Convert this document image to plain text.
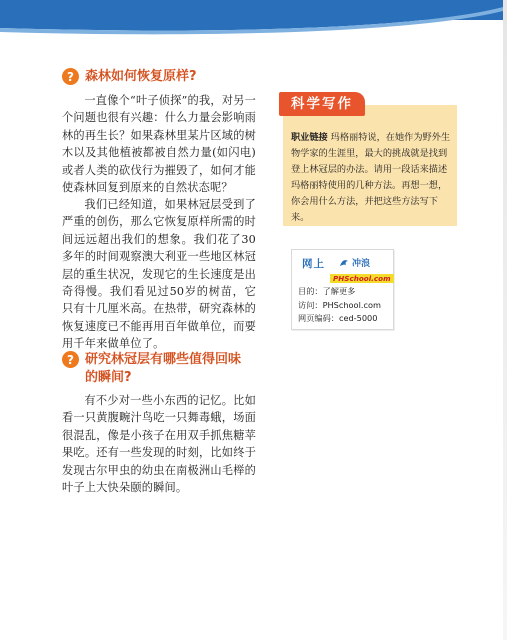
? 森林如何恢复原样?

一直像个“叶子侦探”的我，对另一个问题也很有兴趣：什么力量会影响雨林的再生长？如果森林里某片区域的树木以及其他植被都被自然力量(如闪电)或者人类的砍伐行为摧毁了，如何才能使森林回复到原来的自然状态呢？

我们已经知道，如果林冠层受到了严重的创伤，那么它恢复原样所需的时间远远超出我们的想象。我们花了30多年的时间观察澳大利亚一些地区林冠层的重生状况，发现它的生长速度是出奇得慢。我们看见过50岁的树苗，它只有十几厘米高。在热带，研究森林的恢复速度已不能再用百年做单位，而要用千年来做单位了。

? 研究林冠层有哪些值得回味
的瞬间?

有不少对一些小东西的记忆。比如看一只黄腹畹汁鸟吃一只舞毒蛾，场面很混乱，像是小孩子在用双手抓焦糖苹果吃。还有一些发现的时刻，比如终于发现古尔甲虫的幼虫在南极洲山毛榉的叶子上大快朵颐的瞬间。

科学写作

职业链接 玛格丽特说，在她作为野外生物学家的生涯里，最大的挑战就是找到登上林冠层的办法。请用一段话来描述玛格丽特使用的几种方法。再想一想，你会用什么方法，并把这些方法写下来。

网上	冲浪
PHSchool.com

目的：了解更多
访问：PHSchool.com
网页编码：ced-5000
